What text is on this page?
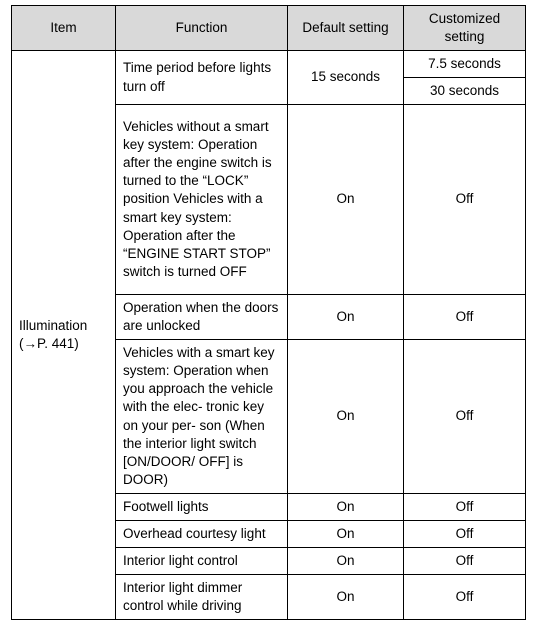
Item	Function	Default setting	Customized setting
Illumination
(→P. 441)	Time period before lights turn off	15 seconds	7.5 seconds
			30 seconds
	Vehicles without a smart key system: Operation after the engine switch is turned to the “LOCK” position Vehicles with a smart key system: Operation after the “ENGINE START STOP” switch is turned OFF	On	Off
	Operation when the doors are unlocked	On	Off
	Vehicles with a smart key system: Operation when you approach the vehicle with the elec- tronic key on your per- son (When the interior light switch [ON/DOOR/ OFF] is DOOR)	On	Off
	Footwell lights	On	Off
	Overhead courtesy light	On	Off
	Interior light control	On	Off
	Interior light dimmer control while driving	On	Off
